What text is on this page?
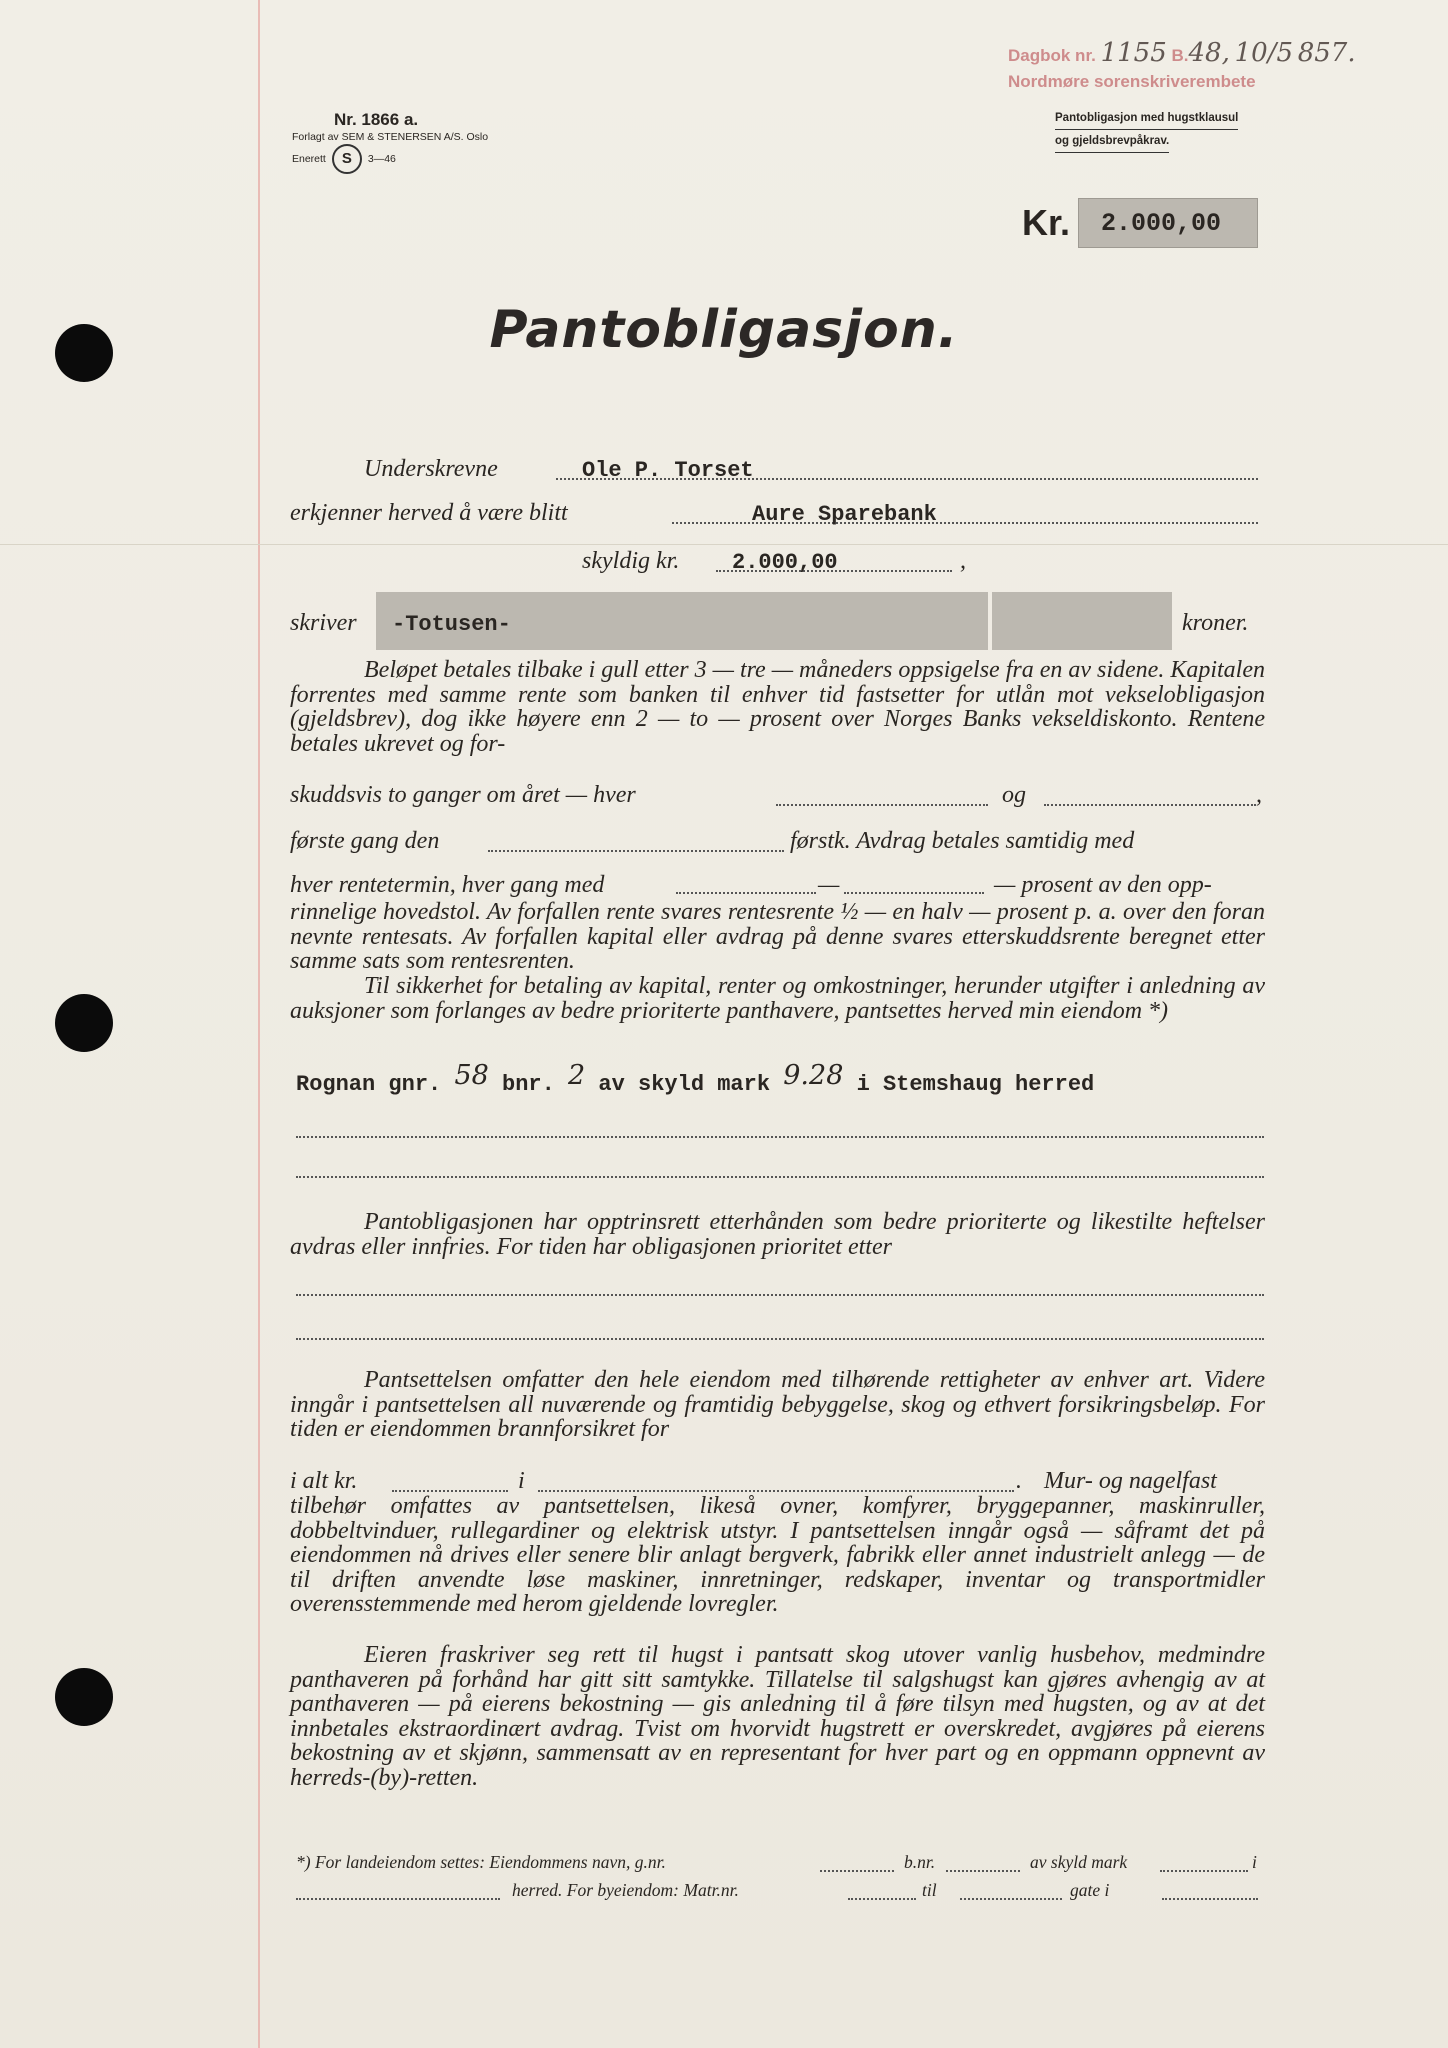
Dagbok nr. 1155 B.48, 10/5 857.
Nordmøre sorenskriverembete
Nr. 1866 a.
Forlagt av SEM & STENERSEN A/S. Oslo
Enerett	S	3—46
Pantobligasjon med hugstklausul
og gjeldsbrevpåkrav.
Kr.	2.000,00
Pantobligasjon.
Underskrevne	Ole P. Torset
erkjenner herved å være blitt	Aure Sparebank
skyldig kr. 2.000,00	,
skriver -Totusen-	kroner.
Beløpet betales tilbake i gull etter 3 — tre — måneders oppsigelse fra en av sidene. Kapitalen forrentes med samme rente som banken til enhver tid fastsetter for utlån mot vekselobligasjon (gjeldsbrev), dog ikke høyere enn 2 — to — prosent over Norges Banks vekseldiskonto. Rentene betales ukrevet og for-
skuddsvis to ganger om året — hver	og	,
første gang den	førstk. Avdrag betales samtidig med
hver rentetermin, hver gang med	—	— prosent av den opp-
rinnelige hovedstol. Av forfallen rente svares rentesrente ½ — en halv — prosent p. a. over den foran nevnte rentesats. Av forfallen kapital eller avdrag på denne svares etterskuddsrente beregnet etter samme sats som rentesrenten.
Til sikkerhet for betaling av kapital, renter og omkostninger, herunder utgifter i anledning av auksjoner som forlanges av bedre prioriterte panthavere, pantsettes herved min eiendom *)
Rognan gnr. 58 bnr. 2 av skyld mark 9.28 i Stemshaug herred
Pantobligasjonen har opptrinsrett etterhånden som bedre prioriterte og likestilte heftelser avdras eller innfries. For tiden har obligasjonen prioritet etter
Pantsettelsen omfatter den hele eiendom med tilhørende rettigheter av enhver art. Videre inngår i pantsettelsen all nuværende og framtidig bebyggelse, skog og ethvert forsikringsbeløp. For tiden er eiendommen brannforsikret for
i alt kr.	i	. Mur- og nagelfast
tilbehør omfattes av pantsettelsen, likeså ovner, komfyrer, bryggepanner, maskinruller, dobbeltvinduer, rullegardiner og elektrisk utstyr. I pantsettelsen inngår også — såframt det på eiendommen nå drives eller senere blir anlagt bergverk, fabrikk eller annet industrielt anlegg — de til driften anvendte løse maskiner, innretninger, redskaper, inventar og transportmidler overensstemmende med herom gjeldende lovregler.
Eieren fraskriver seg rett til hugst i pantsatt skog utover vanlig husbehov, medmindre panthaveren på forhånd har gitt sitt samtykke. Tillatelse til salgshugst kan gjøres avhengig av at panthaveren — på eierens bekostning — gis anledning til å føre tilsyn med hugsten, og av at det innbetales ekstraordinært avdrag. Tvist om hvorvidt hugstrett er overskredet, avgjøres på eierens bekostning av et skjønn, sammensatt av en representant for hver part og en oppmann oppnevnt av herreds-(by)-retten.
*) For landeiendom settes: Eiendommens navn, g.nr.	b.nr.	av skyld mark	i
herred. For byeiendom: Matr.nr.	til	gate i
